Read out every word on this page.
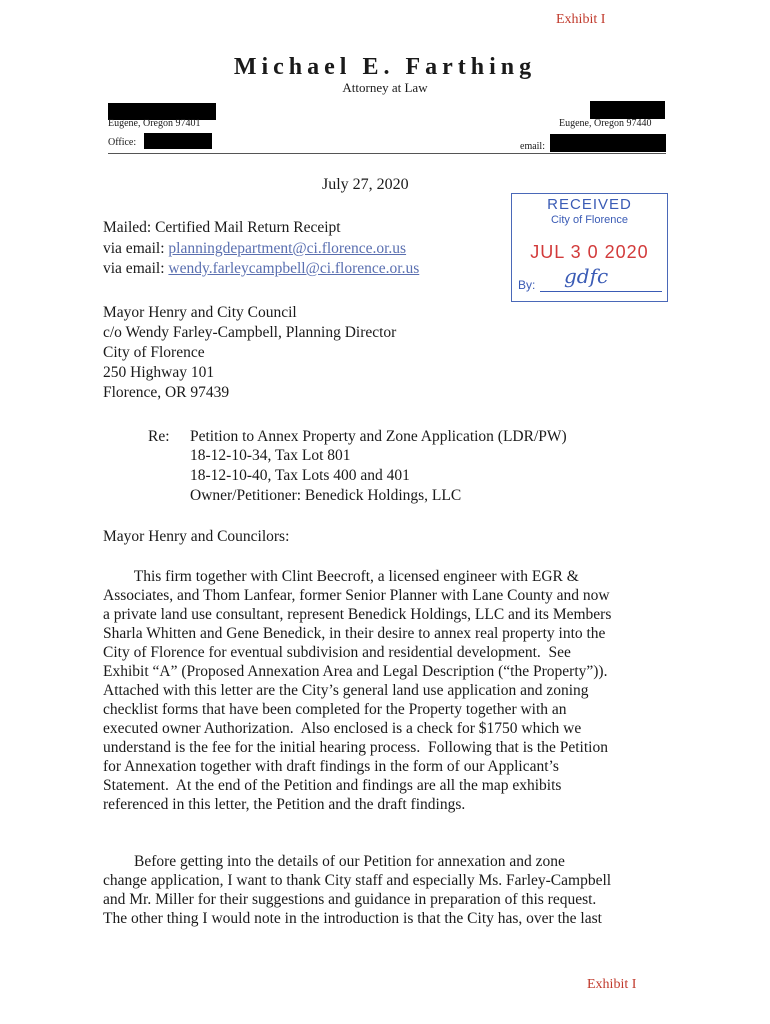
Exhibit I
Michael E. Farthing
Attorney at Law
Eugene, Oregon 97401	Eugene, Oregon 97440
Office:	email:
July 27, 2020
Mailed: Certified Mail Return Receipt
via email: planningdepartment@ci.florence.or.us
via email: wendy.farleycampbell@ci.florence.or.us
RECEIVED
City of Florence
JUL 3 0 2020
By: gdfc
Mayor Henry and City Council
c/o Wendy Farley-Campbell, Planning Director
City of Florence
250 Highway 101
Florence, OR 97439
Re: Petition to Annex Property and Zone Application (LDR/PW)
18-12-10-34, Tax Lot 801
18-12-10-40, Tax Lots 400 and 401
Owner/Petitioner: Benedick Holdings, LLC
Mayor Henry and Councilors:
This firm together with Clint Beecroft, a licensed engineer with EGR &
Associates, and Thom Lanfear, former Senior Planner with Lane County and now
a private land use consultant, represent Benedick Holdings, LLC and its Members
Sharla Whitten and Gene Benedick, in their desire to annex real property into the
City of Florence for eventual subdivision and residential development.  See
Exhibit “A” (Proposed Annexation Area and Legal Description (“the Property”)).
Attached with this letter are the City’s general land use application and zoning
checklist forms that have been completed for the Property together with an
executed owner Authorization.  Also enclosed is a check for $1750 which we
understand is the fee for the initial hearing process.  Following that is the Petition
for Annexation together with draft findings in the form of our Applicant’s
Statement.  At the end of the Petition and findings are all the map exhibits
referenced in this letter, the Petition and the draft findings.
Before getting into the details of our Petition for annexation and zone
change application, I want to thank City staff and especially Ms. Farley-Campbell
and Mr. Miller for their suggestions and guidance in preparation of this request.
The other thing I would note in the introduction is that the City has, over the last
Exhibit I
